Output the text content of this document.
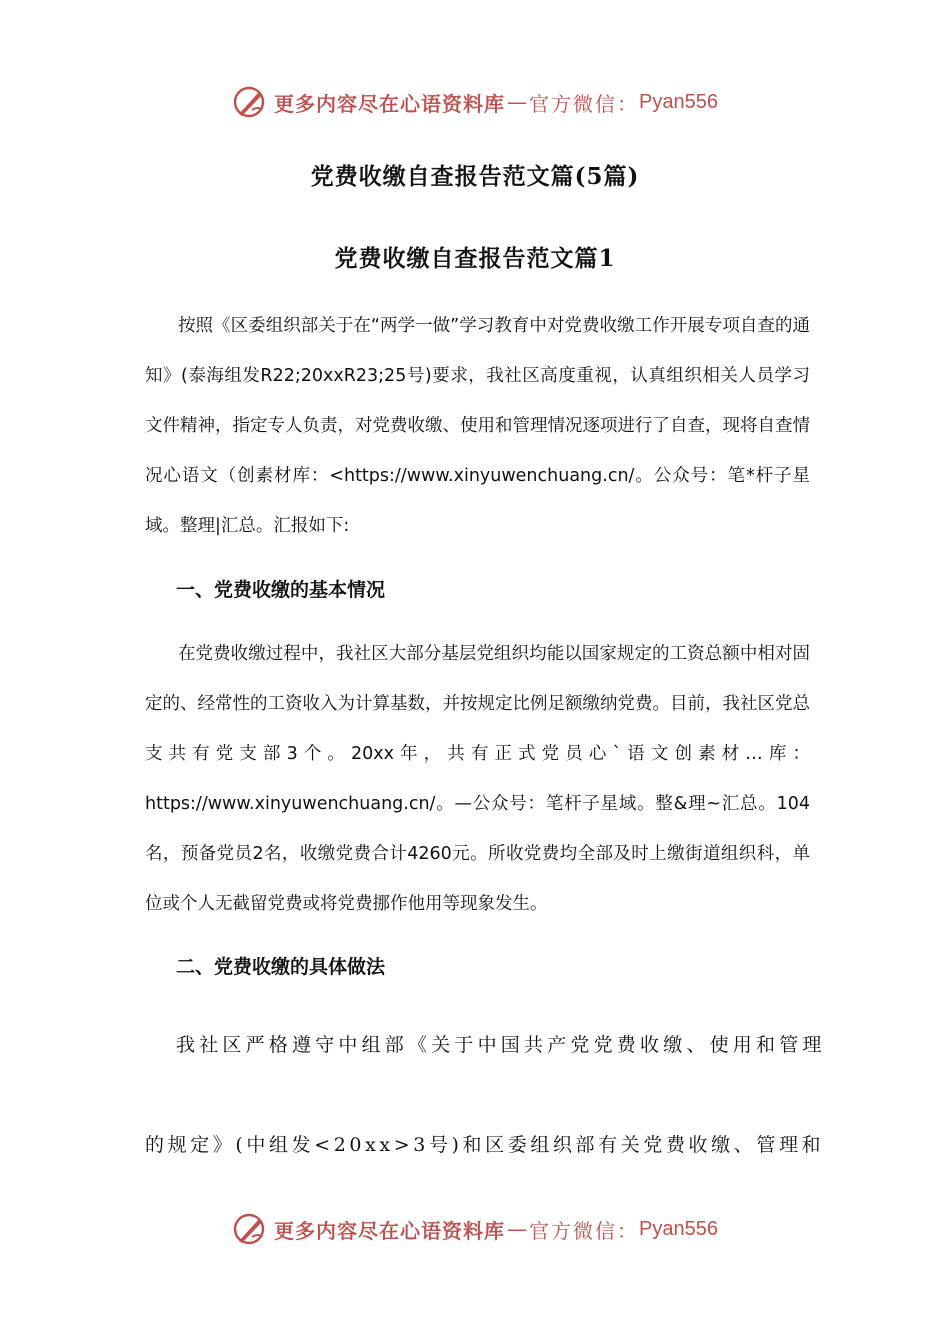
更多内容尽在心语资料库 — 官方微信： Pyan556
党费收缴自查报告范文篇(5篇)
党费收缴自查报告范文篇1

按照《区委组织部关于在“两学一做”学习教育中对党费收缴工作开展专项自查的通知》(泰海组发R22;20xxR23;25号)要求，我社区高度重视，认真组织相关人员学习文件精神，指定专人负责，对党费收缴、使用和管理情况逐项进行了自查，现将自查情况心语文（创素材库：<https://www.xinyuwenchuang.cn/。公众号：笔*杆子星域。整理|汇总。汇报如下:

一、党费收缴的基本情况

在党费收缴过程中，我社区大部分基层党组织均能以国家规定的工资总额中相对固定的、经常性的工资收入为计算基数，并按规定比例足额缴纳党费。目前，我社区党总支共有党支部3个。20xx年，共有正式党员心`语文创素材…库：https://www.xinyuwenchuang.cn/。—公众号：笔杆子星域。整&理~汇总。104名，预备党员2名，收缴党费合计4260元。所收党费均全部及时上缴街道组织科，单位或个人无截留党费或将党费挪作他用等现象发生。

二、党费收缴的具体做法
我社区严格遵守中组部《关于中国共产党党费收缴、使用和管理
的规定》(中组发<20xx>3号)和区委组织部有关党费收缴、管理和
更多内容尽在心语资料库 — 官方微信： Pyan556
